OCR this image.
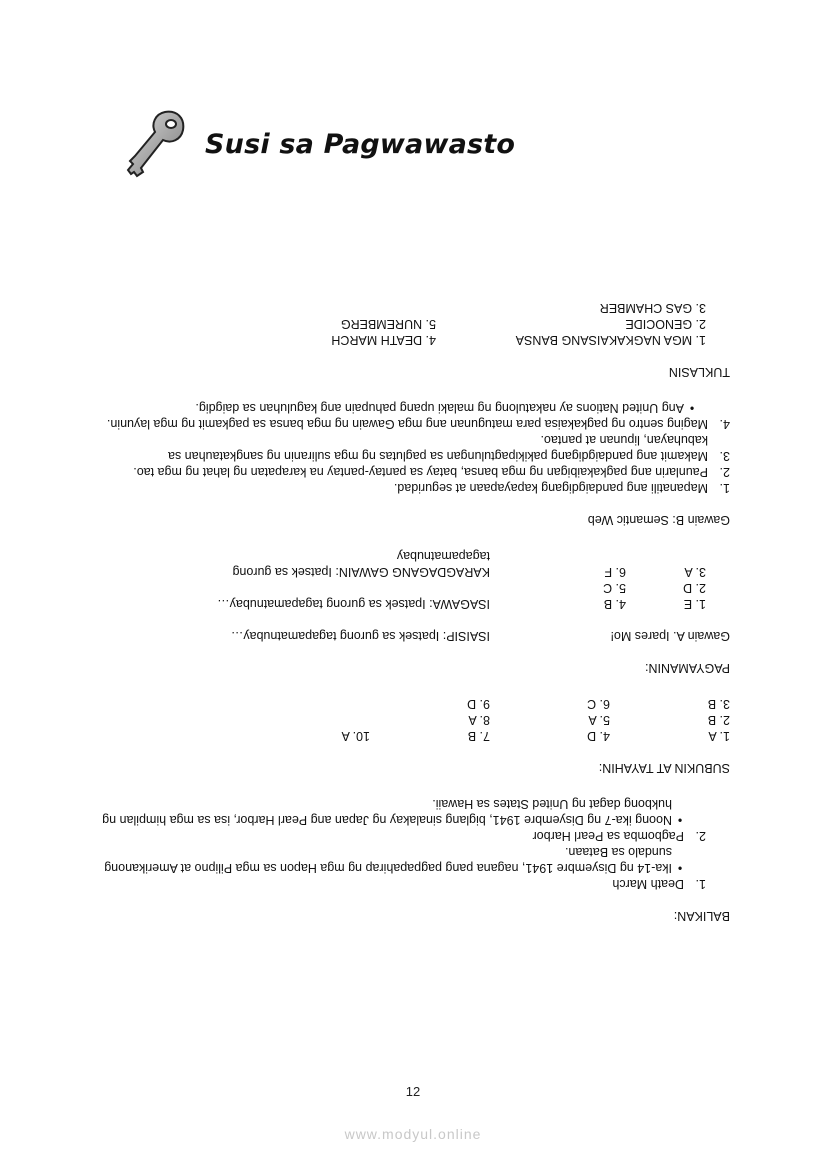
Susi sa Pagwawasto
BALIKAN:
1.
Death March
•
Ika-14 ng Disyembre 1941, nagana pang pagpapahirap ng mga Hapon sa mga Pilipno at Amerikanong sundalo sa Bataan.
2.
Pagbomba sa Pearl Harbor
•
Noong ika-7 ng Disyembre 1941, biglang sinalakay ng Japan ang Pearl Harbor, isa sa mga himpilan ng hukbong dagat ng United States sa Hawaii.
SUBUKIN AT TAYAHIN:
1. A
4. D
7. B
10. A
2. B
5. A
8. A
3. B
6. C
9. D
PAGYAMANIN:
Gawain A. Ipares Mo!
ISAISIP: Ipatsek sa gurong tagapamatnubay…
1. E
4. B
ISAGAWA: Ipatsek sa gurong tagapamatnubay…
2. D
5. C
3. A
6. F
KARAGDAGANG GAWAIN: Ipatsek sa gurong tagapamatnubay
Gawain B: Semantic Web
1.
Mapanatili ang pandaigdigang kapayapaan at seguridad.
2.
Paunlarin ang pagkakaibigan ng mga bansa, batay sa pantay-pantay na karapatan ng lahat ng mga tao.
3.
Makamit ang pandaigdigang pakikipagtulungan sa paglutas ng mga suliranin ng sangkatauhan sa kabuhayan, lipunan at pantao.
4.
Maging sentro ng pagkakaisa para matugunan ang mga Gawain ng mga bansa sa pagkamit ng mga layunin.
•
Ang United Nations ay nakatulong ng malaki upang pahupain ang kaguluhan sa daigdig.
TUKLASIN
1. MGA NAGKAKAISANG BANSA
4. DEATH MARCH
2. GENOCIDE
5. NUREMBERG
3. GAS CHAMBER
12
www.modyul.online
